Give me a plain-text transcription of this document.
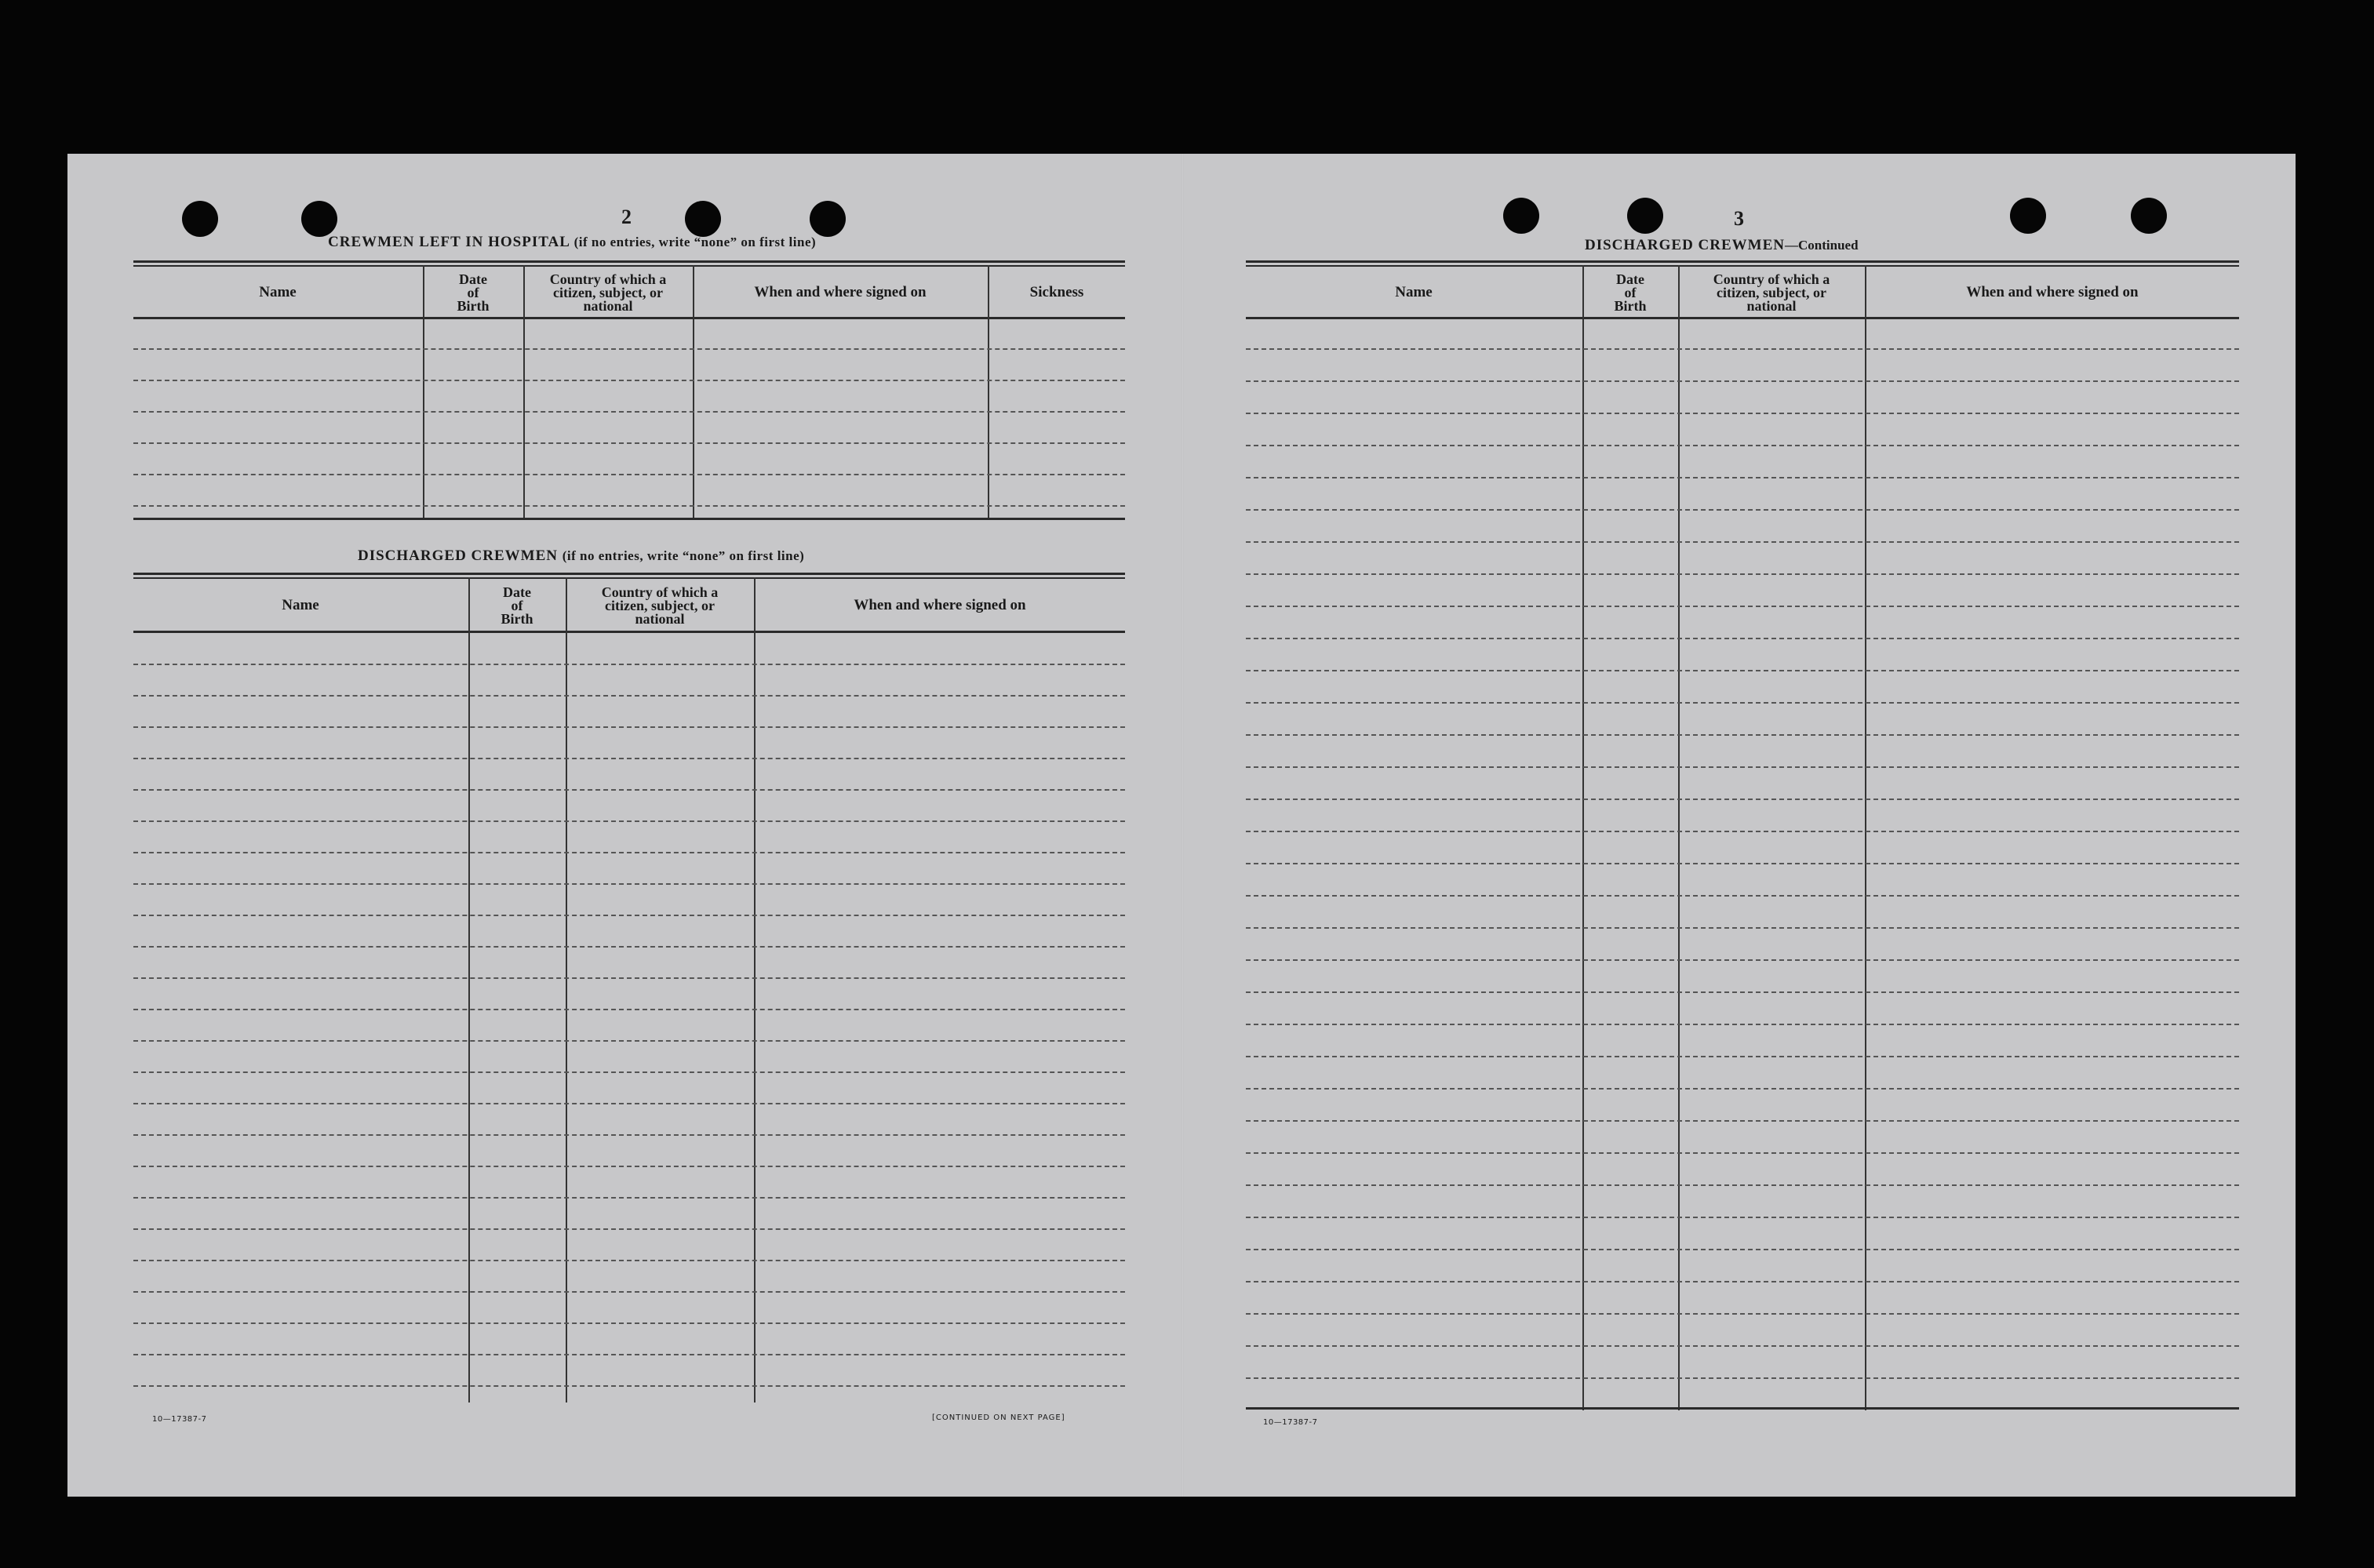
2
CREWMEN LEFT IN HOSPITAL (if no entries, write “none” on first line)
Name
Date
of
Birth
Country of which a
citizen, subject, or
national
When and where signed on	Sickness
DISCHARGED CREWMEN (if no entries, write “none” on first line)
Name
Date
of
Birth
Country of which a
citizen, subject, or
national
When and where signed on
10—17387-7	[CONTINUED ON NEXT PAGE]
3
DISCHARGED CREWMEN—Continued
Name
Date
of
Birth
Country of which a
citizen, subject, or
national
When and where signed on
10—17387-7
